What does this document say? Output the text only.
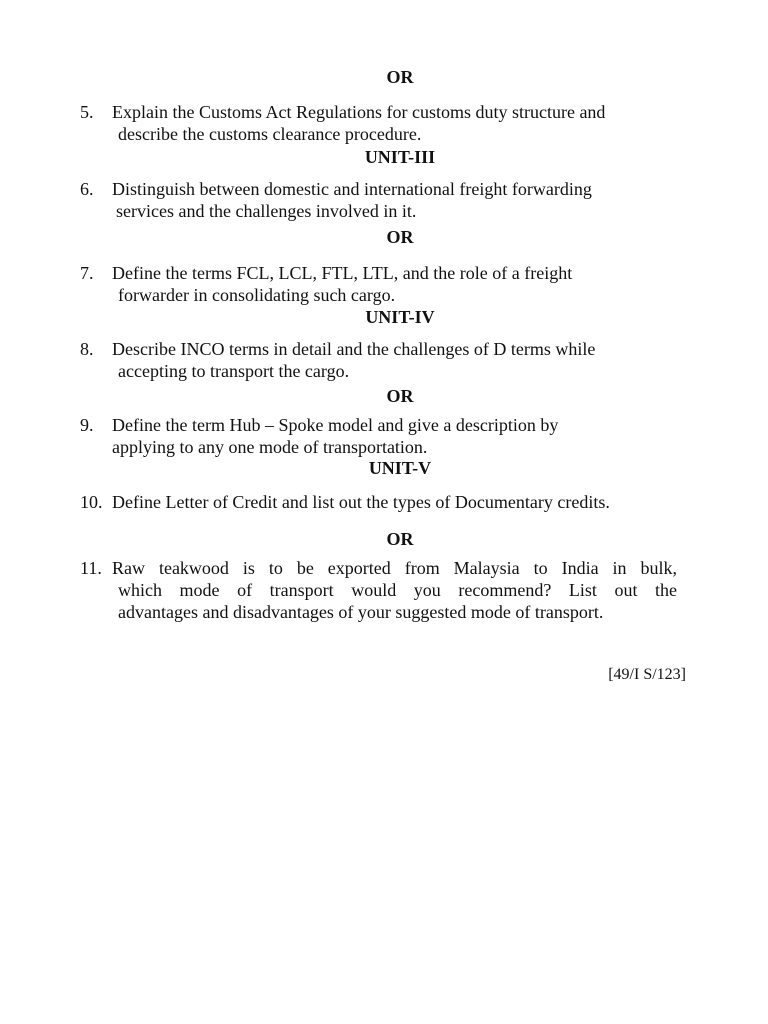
OR
5. Explain the Customs Act Regulations for customs duty structure and
describe the customs clearance procedure.
UNIT-III
6. Distinguish between domestic and international freight forwarding
services and the challenges involved in it.
OR
7. Define the terms FCL, LCL, FTL, LTL, and the role of a freight
forwarder in consolidating such cargo.
UNIT-IV
8. Describe INCO terms in detail and the challenges of D terms while
accepting to transport the cargo.
OR
9. Define the term Hub – Spoke model and give a description by
applying to any one mode of transportation.
UNIT-V
10. Define Letter of Credit and list out the types of Documentary credits.
OR
11. Raw teakwood is to be exported from Malaysia to India in bulk,
which mode of transport would you recommend? List out the
advantages and disadvantages of your suggested mode of transport.
[49/I S/123]
